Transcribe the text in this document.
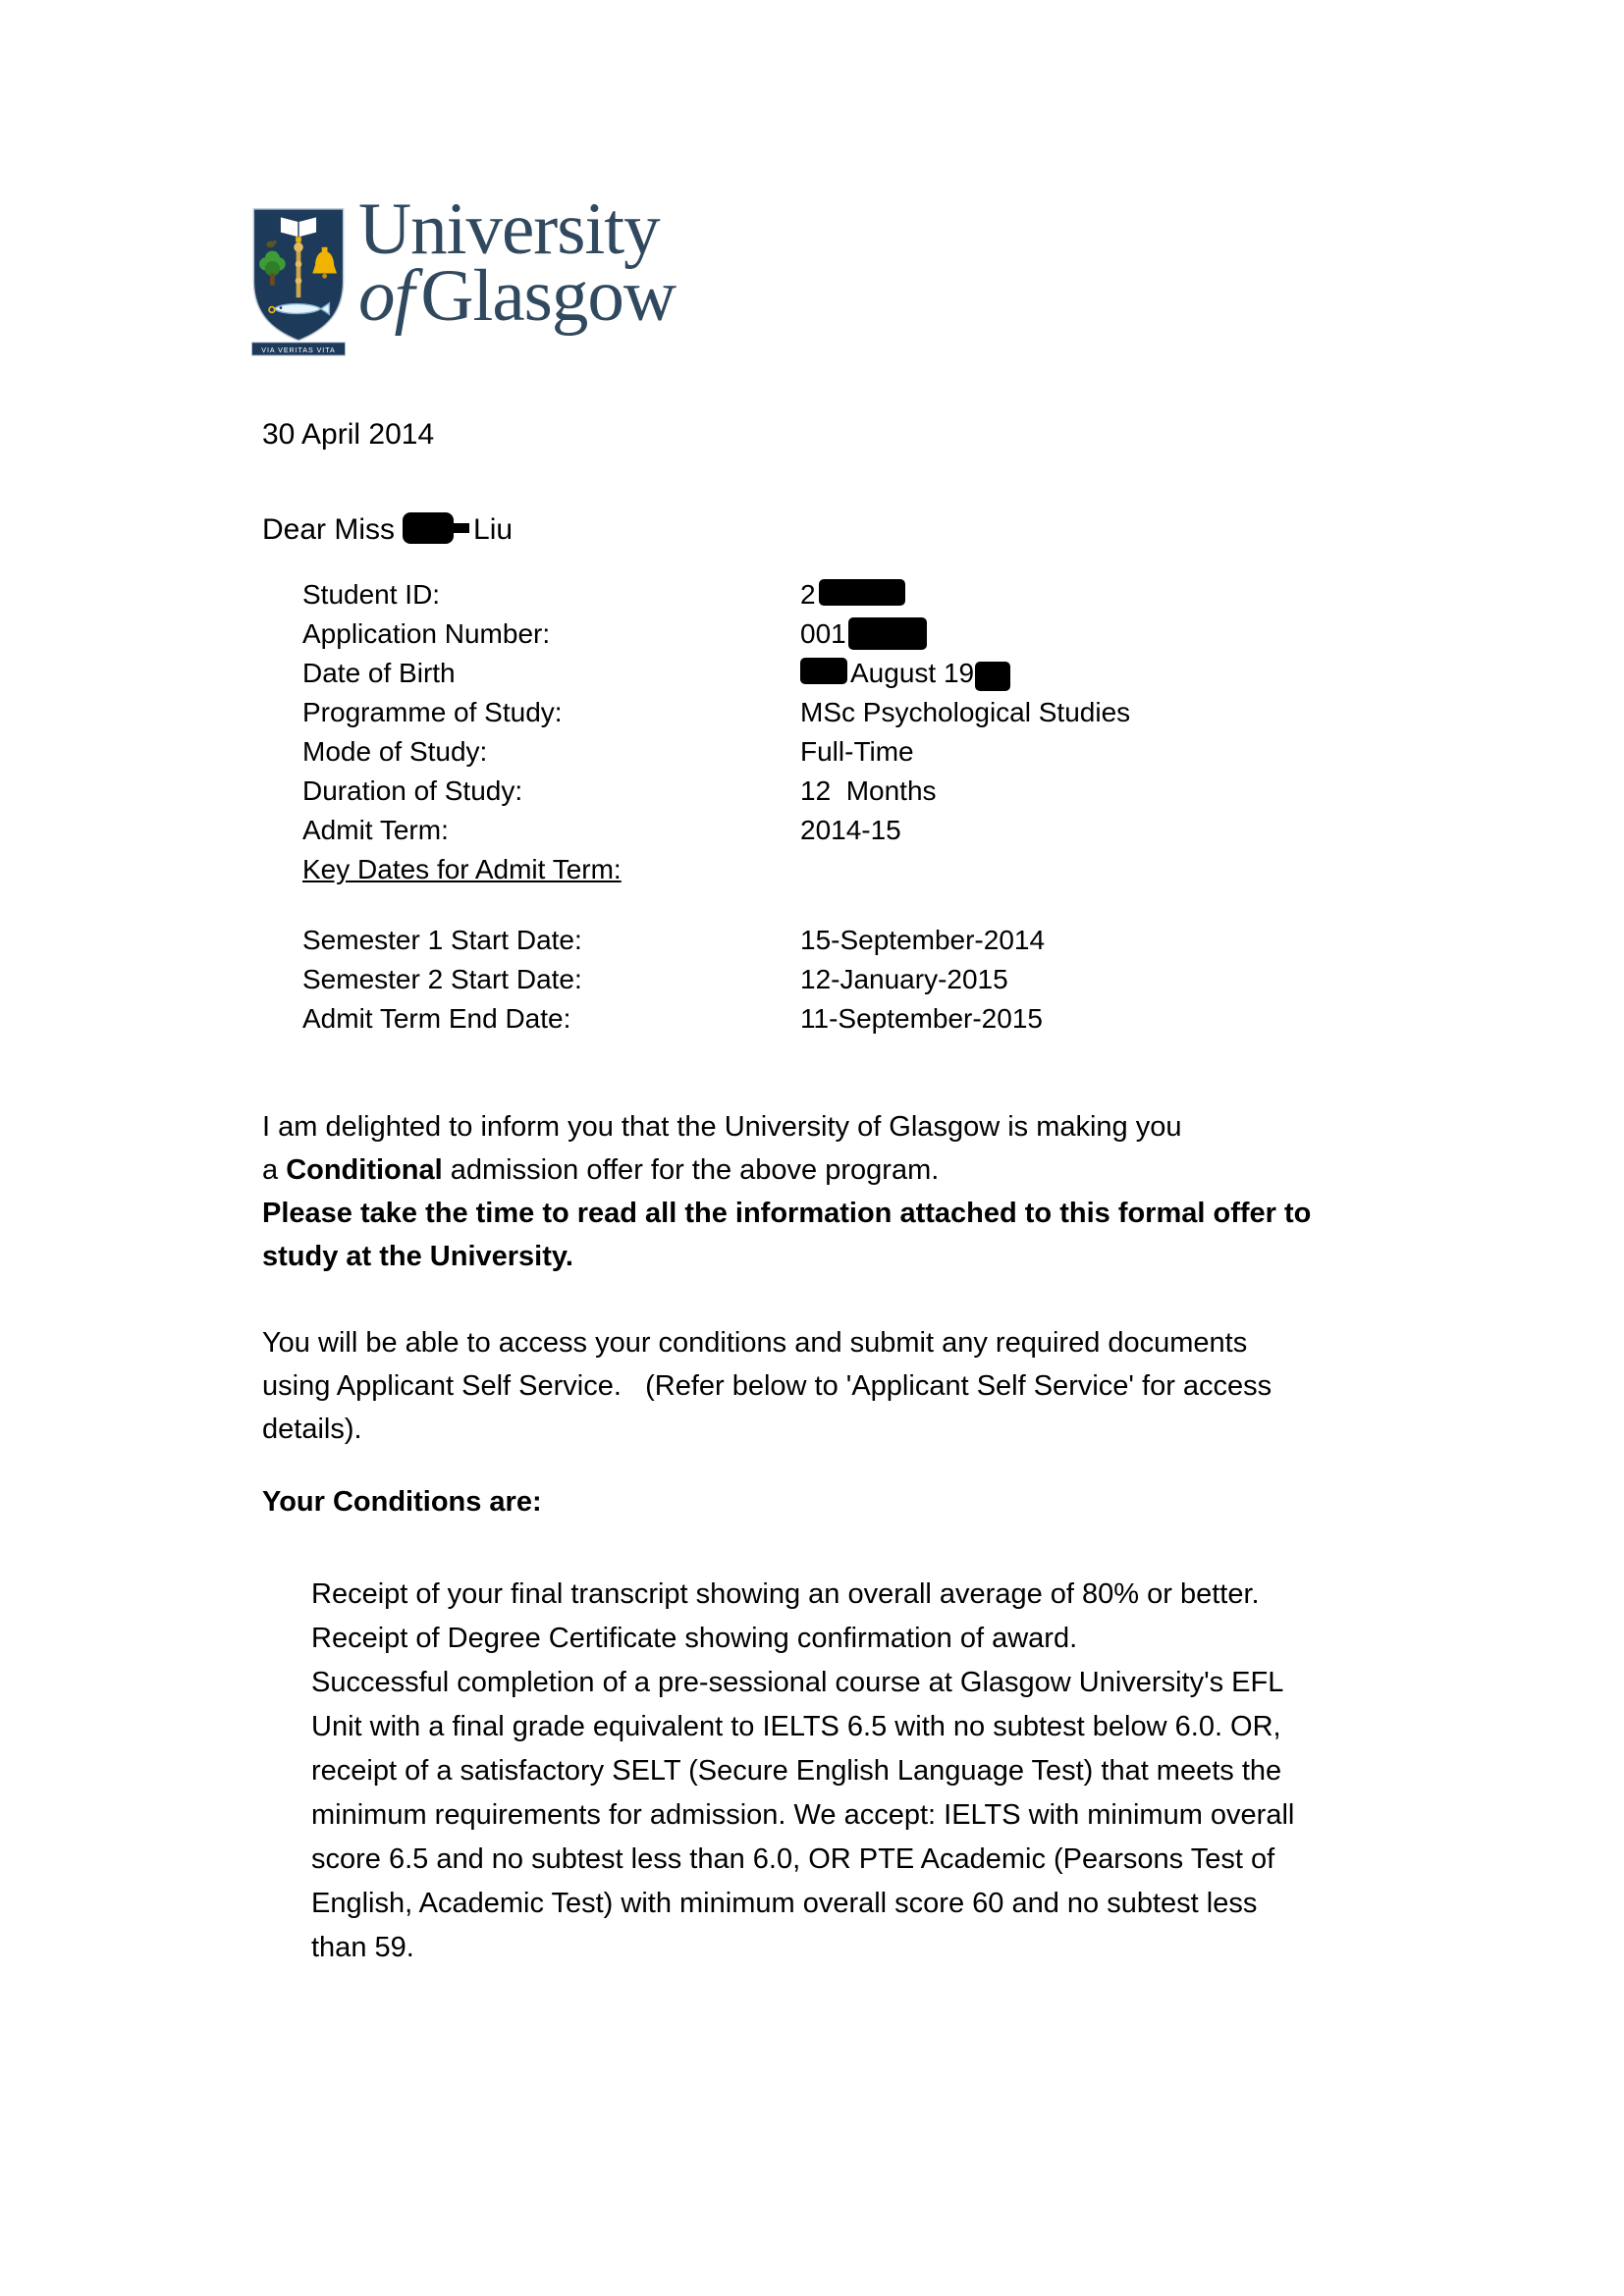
VIA VERITAS VITA
University
ofGlasgow
30 April 2014
Dear Miss	Liu
Student ID:	2
Application Number:	001
Date of Birth	August 19
Programme of Study:	MSc Psychological Studies
Mode of Study:	Full-Time
Duration of Study:	12  Months
Admit Term:	2014-15
Key Dates for Admit Term:
Semester 1 Start Date:	15-September-2014
Semester 2 Start Date:	12-January-2015
Admit Term End Date:	11-September-2015
I am delighted to inform you that the University of Glasgow is making you
a Conditional admission offer for the above program.
Please take the time to read all the information attached to this formal offer to
study at the University.
You will be able to access your conditions and submit any required documents
using Applicant Self Service.   (Refer below to 'Applicant Self Service' for access
details).
Your Conditions are:
Receipt of your final transcript showing an overall average of 80% or better.
Receipt of Degree Certificate showing confirmation of award.
Successful completion of a pre-sessional course at Glasgow University's EFL
Unit with a final grade equivalent to IELTS 6.5 with no subtest below 6.0. OR,
receipt of a satisfactory SELT (Secure English Language Test) that meets the
minimum requirements for admission. We accept: IELTS with minimum overall
score 6.5 and no subtest less than 6.0, OR PTE Academic (Pearsons Test of
English, Academic Test) with minimum overall score 60 and no subtest less
than 59.
